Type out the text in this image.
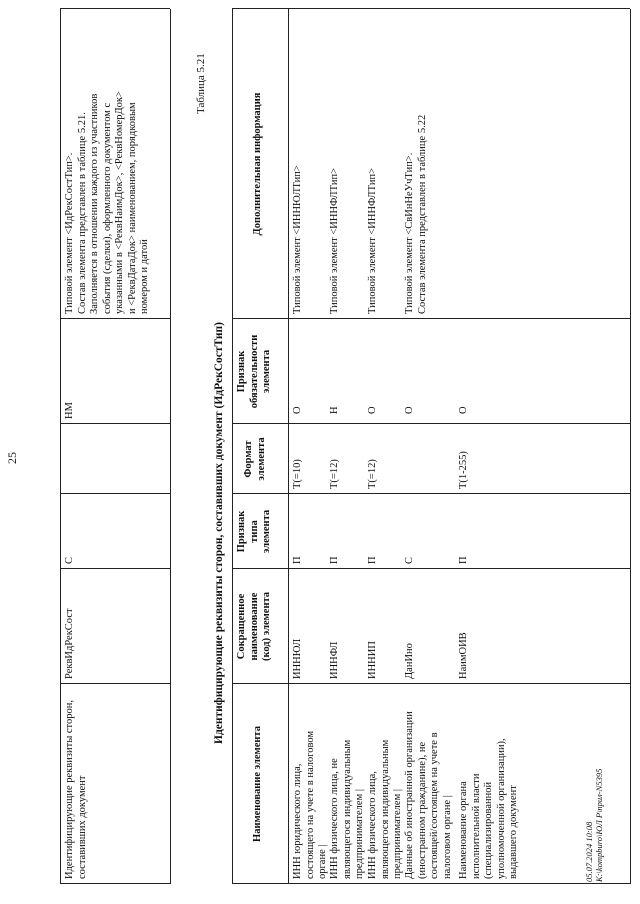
25
Идентифицирующие реквизиты сторон, составивших документ
РеквИдРекСост
С
НМ
Типовой элемент <ИдРекСостТип>. Состав элемента представлен в таблице 5.21. Заполняется в отношении каждого из участников события (сделки), оформленного документом с указанными в <РеквНаимДок>, <РеквНомерДок> и <РеквДатаДок> наименованием, порядковым номером и датой
Таблица 5.21
Идентифицирующие реквизиты сторон, составивших документ (ИдРекСостТип)
Наименование элемента
Сокращенное наименование (код) элемента
Признак типа элемента
Формат элемента
Признак обязательности элемента
Дополнительная информация
ИНН юридического лица, состоящего на учете в налоговом органе |
ИННЮЛ
П
T(=10)
О
Типовой элемент <ИННЮЛТип>
ИНН физического лица, не являющегося индивидуальным предпринимателем |
ИННФЛ
П
T(=12)
Н
Типовой элемент <ИННФЛТип>
ИНН физического лица, являющегося индивидуальным предпринимателем |
ИННИП
П
T(=12)
О
Типовой элемент <ИННФЛТип>
Данные об иностранной организации (иностранном гражданине), не состоящей/состоящем на учете в налоговом органе |
ДанИно
С
О
Типовой элемент <СвИнНеУчТип>. Состав элемента представлен в таблице 5.22
Наименование органа исполнительной власти (специализированной уполномоченной организации), выдавшего документ
НаимОИВ
П
T(1-255)
О
05.07.2024 10:08 K:\kompburo\ЮЛ Р\прил-N5395
